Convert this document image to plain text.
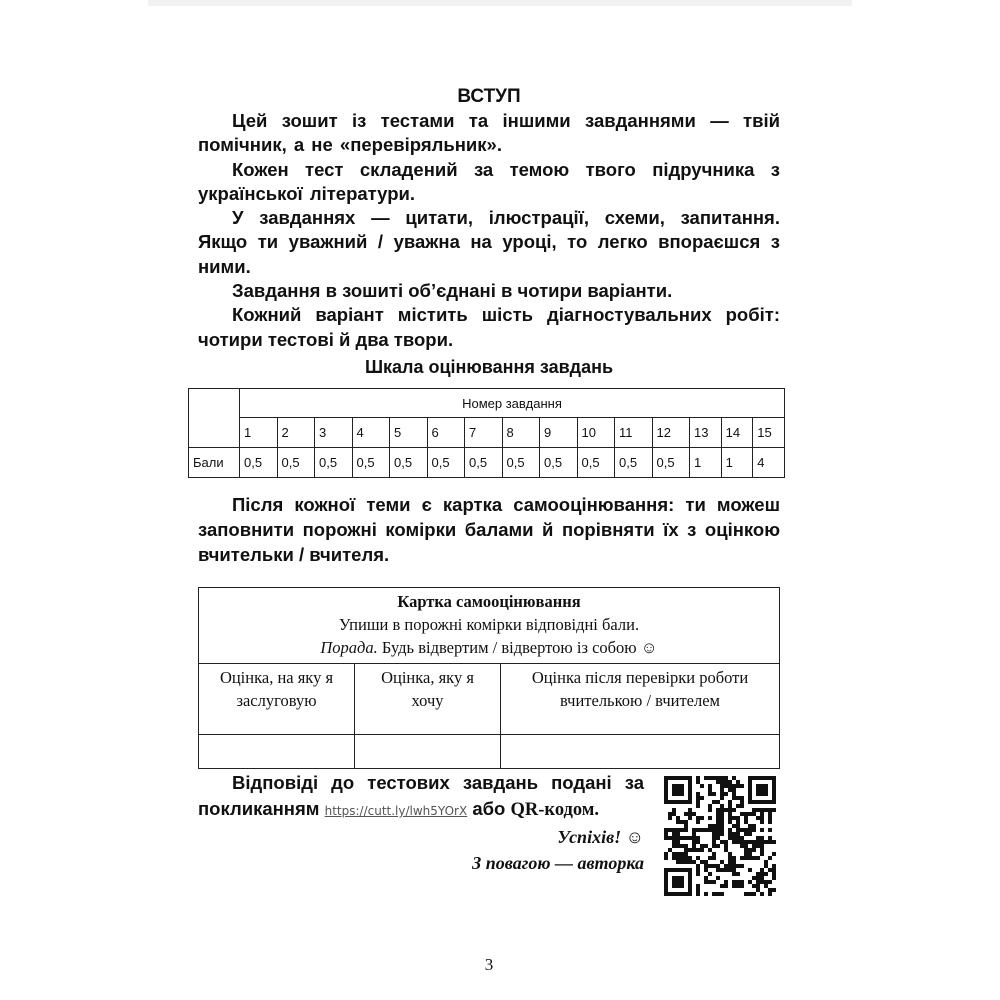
ВСТУП

Цей зошит із тестами та іншими завданнями — твій помічник, а не «перевіряльник».

Кожен тест складений за темою твого підручника з української літератури.

У завданнях — цитати, ілюстрації, схеми, запитання. Якщо ти уважний / уважна на уроці, то легко впораєшся з ними.

Завдання в зошиті об’єднані в чотири варіанти.

Кожний варіант містить шість діагностувальних робіт: чотири тестові й два твори.

Шкала оцінювання завдань
	Номер завдання														
	1	2	3	4	5	6	7	8	9	10	11	12	13	14	15
Бали	0,5	0,5	0,5	0,5	0,5	0,5	0,5	0,5	0,5	0,5	0,5	0,5	1	1	4

Після кожної теми є картка самооцінювання: ти можеш заповнити порожні комірки балами й порівняти їх з оцінкою вчительки / вчителя.

Картка самооцінювання
Упиши в порожні комірки відповідні бали.
Порада. Будь відвертим / відвертою із собою ☺		

Оцінка, на яку я заслуговую	Оцінка, яку я хочу	Оцінка після перевірки роботи вчителькою / вчителем

Відповіді до тестових завдань подані за

покликанням https://cutt.ly/lwh5YOrX або QR-кодом.

Успіхів! ☺

З повагою — авторка

3
